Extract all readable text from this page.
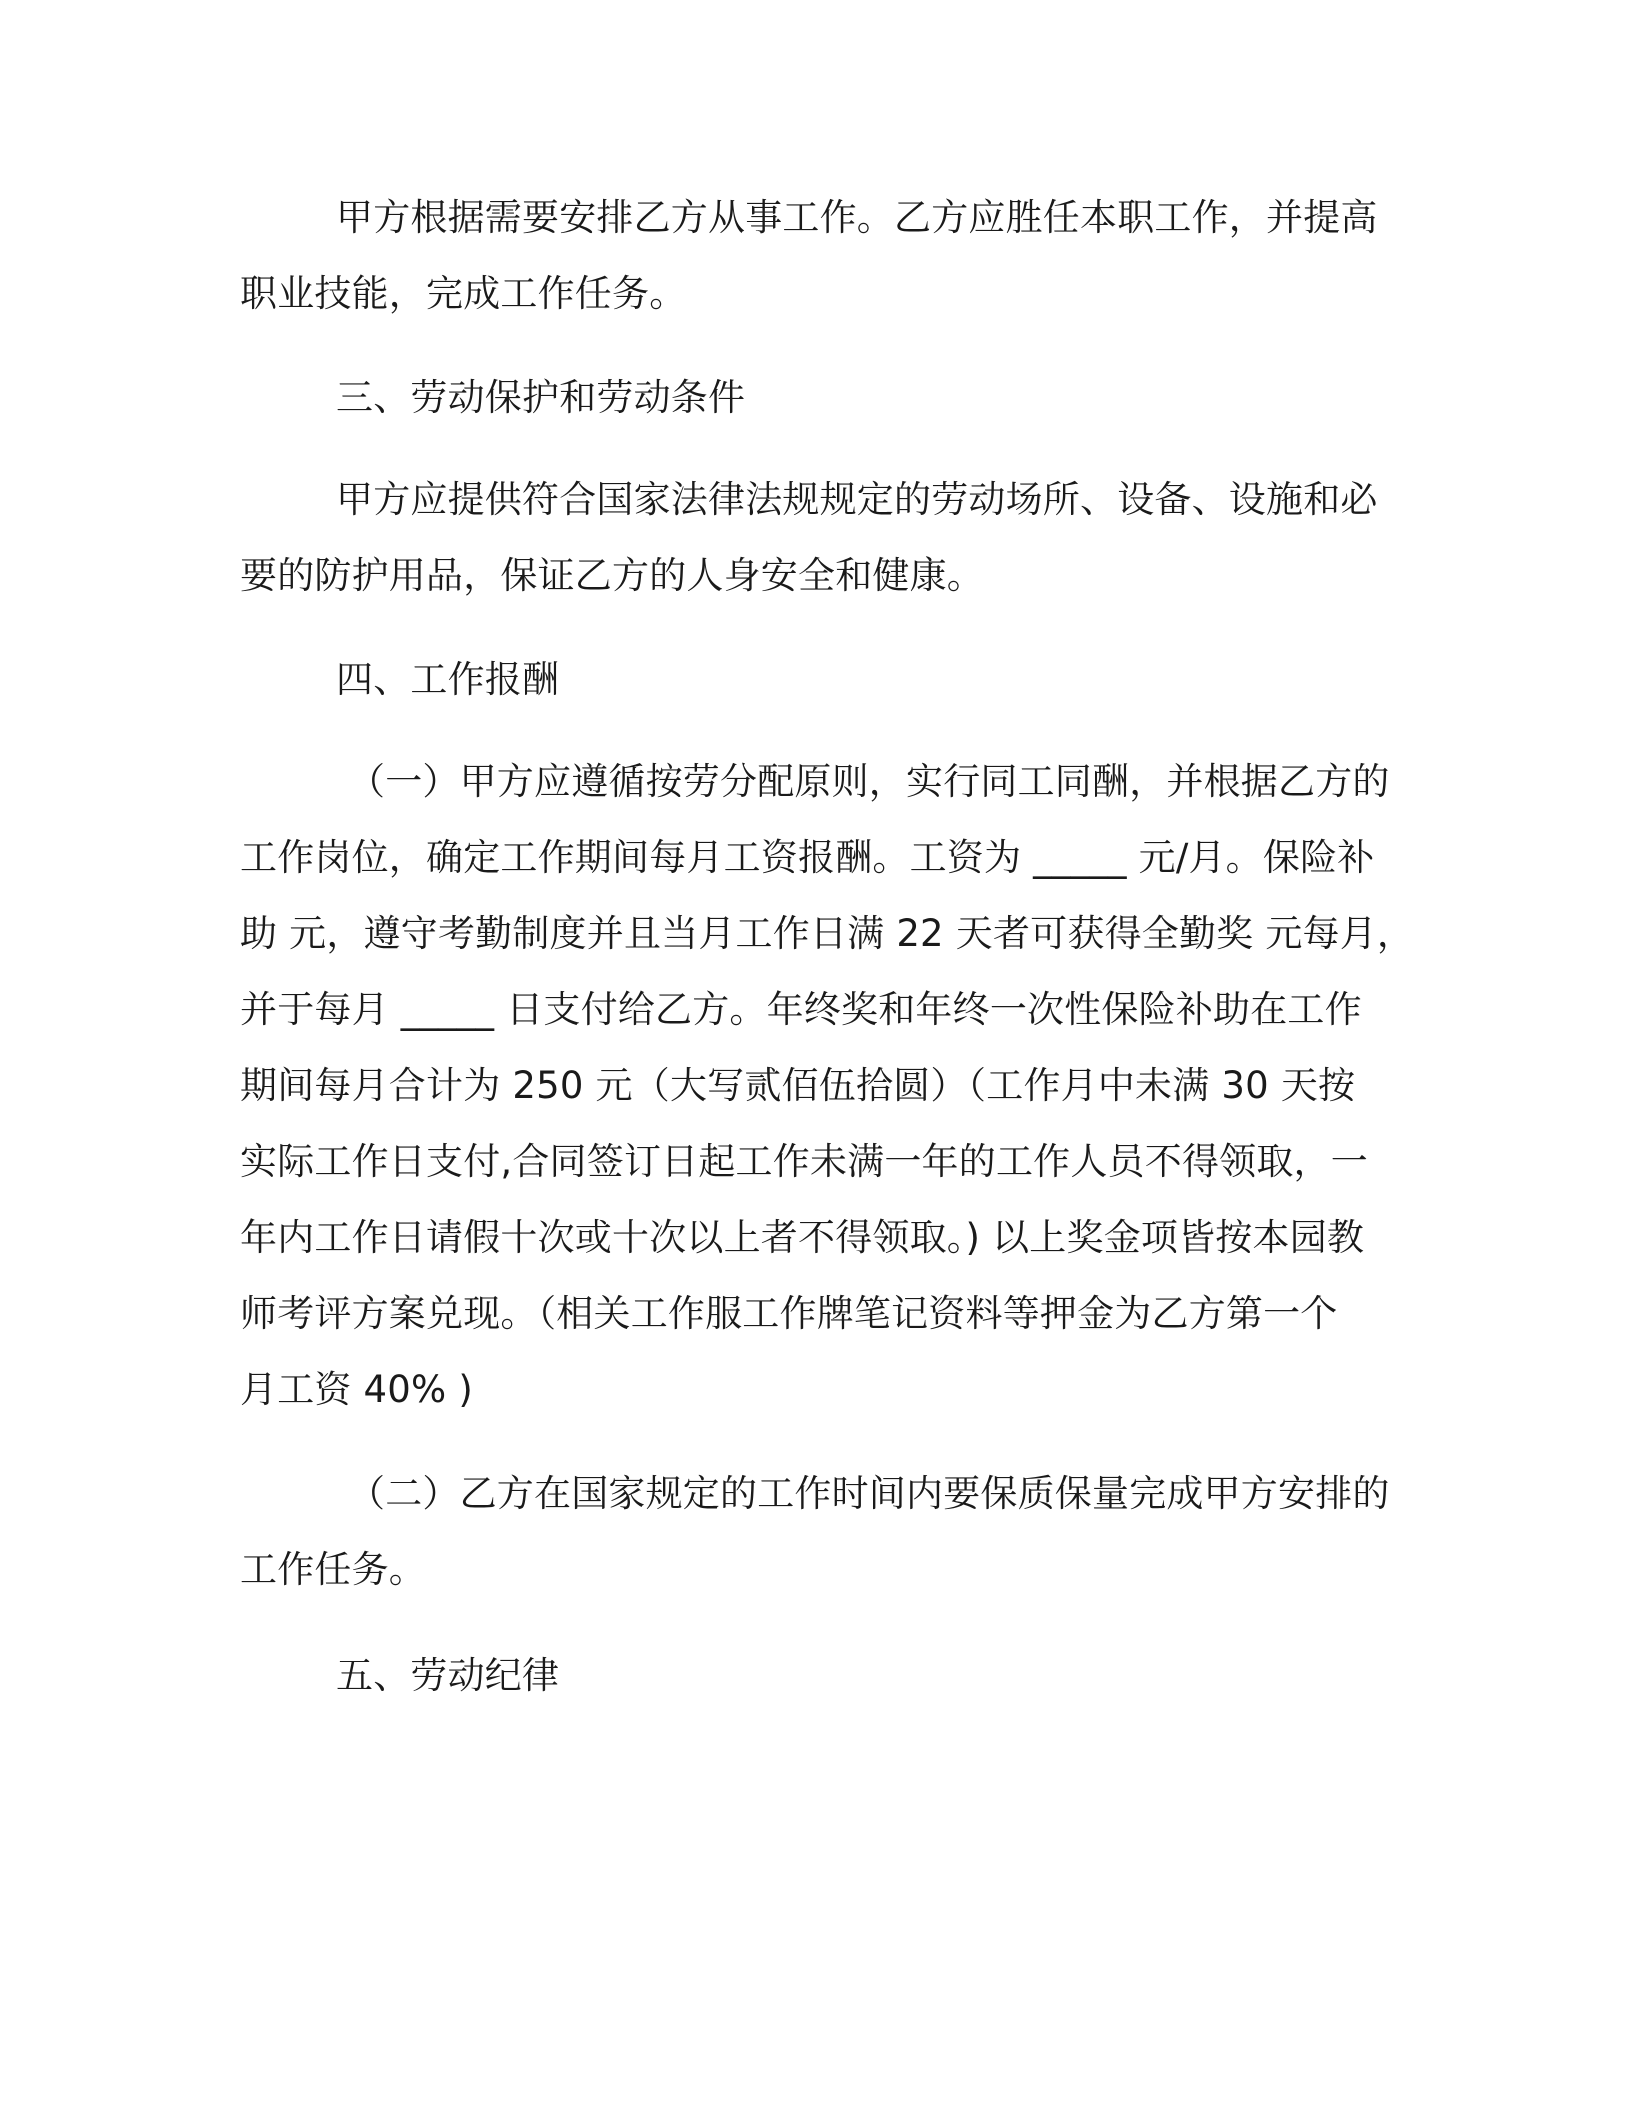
甲方根据需要安排乙方从事工作。乙方应胜任本职工作，并提高

职业技能，完成工作任务。

三、劳动保护和劳动条件

甲方应提供符合国家法律法规规定的劳动场所、设备、设施和必

要的防护用品，保证乙方的人身安全和健康。

四、工作报酬

（一）甲方应遵循按劳分配原则，实行同工同酬，并根据乙方的

工作岗位，确定工作期间每月工资报酬。工资为 _____ 元/月。保险补

助 元，遵守考勤制度并且当月工作日满 22 天者可获得全勤奖 元每月，

并于每月 _____ 日支付给乙方。年终奖和年终一次性保险补助在工作

期间每月合计为 250 元（大写贰佰伍拾圆）（工作月中未满 30 天按

实际工作日支付,合同签订日起工作未满一年的工作人员不得领取，一

年内工作日请假十次或十次以上者不得领取。) 以上奖金项皆按本园教

师考评方案兑现。（相关工作服工作牌笔记资料等押金为乙方第一个

月工资 40% )

（二）乙方在国家规定的工作时间内要保质保量完成甲方安排的

工作任务。

五、劳动纪律
